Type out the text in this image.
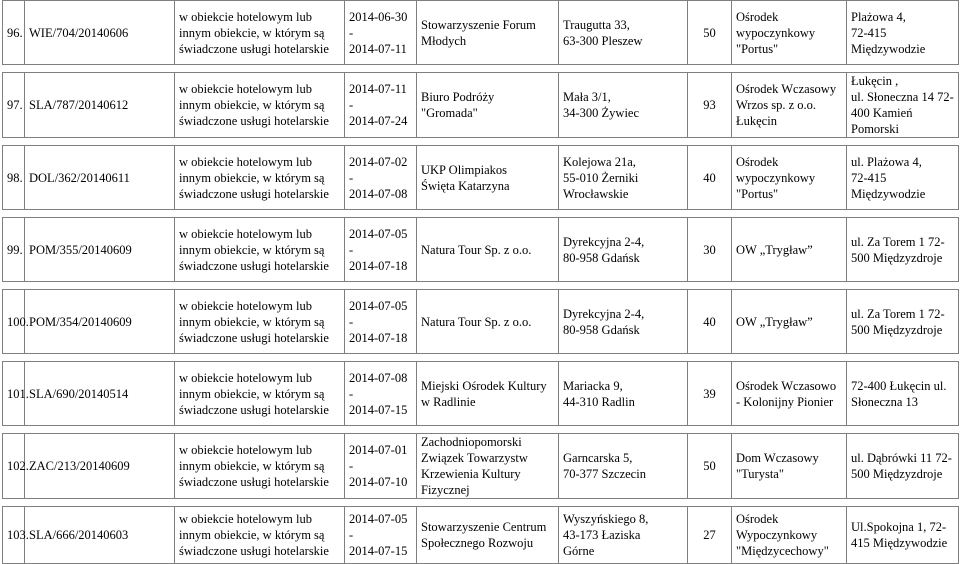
96.	WIE/704/20140606	w obiekcie hotelowym lub
innym obiekcie, w którym są
świadczone usługi hotelarskie	2014-06-30 -
2014-07-11	Stowarzyszenie Forum
Młodych	Traugutta 33,
63-300 Pleszew	50	Ośrodek
wypoczynkowy
"Portus"	Plażowa 4,
72-415
Międzywodzie

97.	SLA/787/20140612	w obiekcie hotelowym lub
innym obiekcie, w którym są
świadczone usługi hotelarskie	2014-07-11 -
2014-07-24	Biuro Podróży
"Gromada"	Mała 3/1,
34-300 Żywiec	93	Ośrodek Wczasowy
Wrzos sp. z o.o.
Łukęcin	Łukęcin ,
ul. Słoneczna 14 72-
400 Kamień
Pomorski

98.	DOL/362/20140611	w obiekcie hotelowym lub
innym obiekcie, w którym są
świadczone usługi hotelarskie	2014-07-02 -
2014-07-08	UKP Olimpiakos
Święta Katarzyna	Kolejowa 21a,
55-010 Żerniki
Wrocławskie	40	Ośrodek
wypoczynkowy
"Portus"	ul. Plażowa 4,
72-415
Międzywodzie

99.	POM/355/20140609	w obiekcie hotelowym lub
innym obiekcie, w którym są
świadczone usługi hotelarskie	2014-07-05 -
2014-07-18	Natura Tour Sp. z o.o.	Dyrekcyjna 2-4,
80-958 Gdańsk	30	OW „Trygław”	ul. Za Torem 1 72-
500 Międzyzdroje

100.	POM/354/20140609	w obiekcie hotelowym lub
innym obiekcie, w którym są
świadczone usługi hotelarskie	2014-07-05 -
2014-07-18	Natura Tour Sp. z o.o.	Dyrekcyjna 2-4,
80-958 Gdańsk	40	OW „Trygław”	ul. Za Torem 1 72-
500 Międzyzdroje

101.	SLA/690/20140514	w obiekcie hotelowym lub
innym obiekcie, w którym są
świadczone usługi hotelarskie	2014-07-08 -
2014-07-15	Miejski Ośrodek Kultury
w Radlinie	Mariacka 9,
44-310 Radlin	39	Ośrodek Wczasowo
- Kolonijny Pionier	72-400 Łukęcin ul.
Słoneczna 13

102.	ZAC/213/20140609	w obiekcie hotelowym lub
innym obiekcie, w którym są
świadczone usługi hotelarskie	2014-07-01 -
2014-07-10	Zachodniopomorski
Związek Towarzystw
Krzewienia Kultury
Fizycznej	Garncarska 5,
70-377 Szczecin	50	Dom Wczasowy
"Turysta"	ul. Dąbrówki 11 72-
500 Międzyzdroje

103.	SLA/666/20140603	w obiekcie hotelowym lub
innym obiekcie, w którym są
świadczone usługi hotelarskie	2014-07-05 -
2014-07-15	Stowarzyszenie Centrum
Społecznego Rozwoju	Wyszyńskiego 8,
43-173 Łaziska
Górne	27	Ośrodek
Wypoczynkowy
"Międzycechowy"	Ul.Spokojna 1, 72-
415 Międzywodzie
